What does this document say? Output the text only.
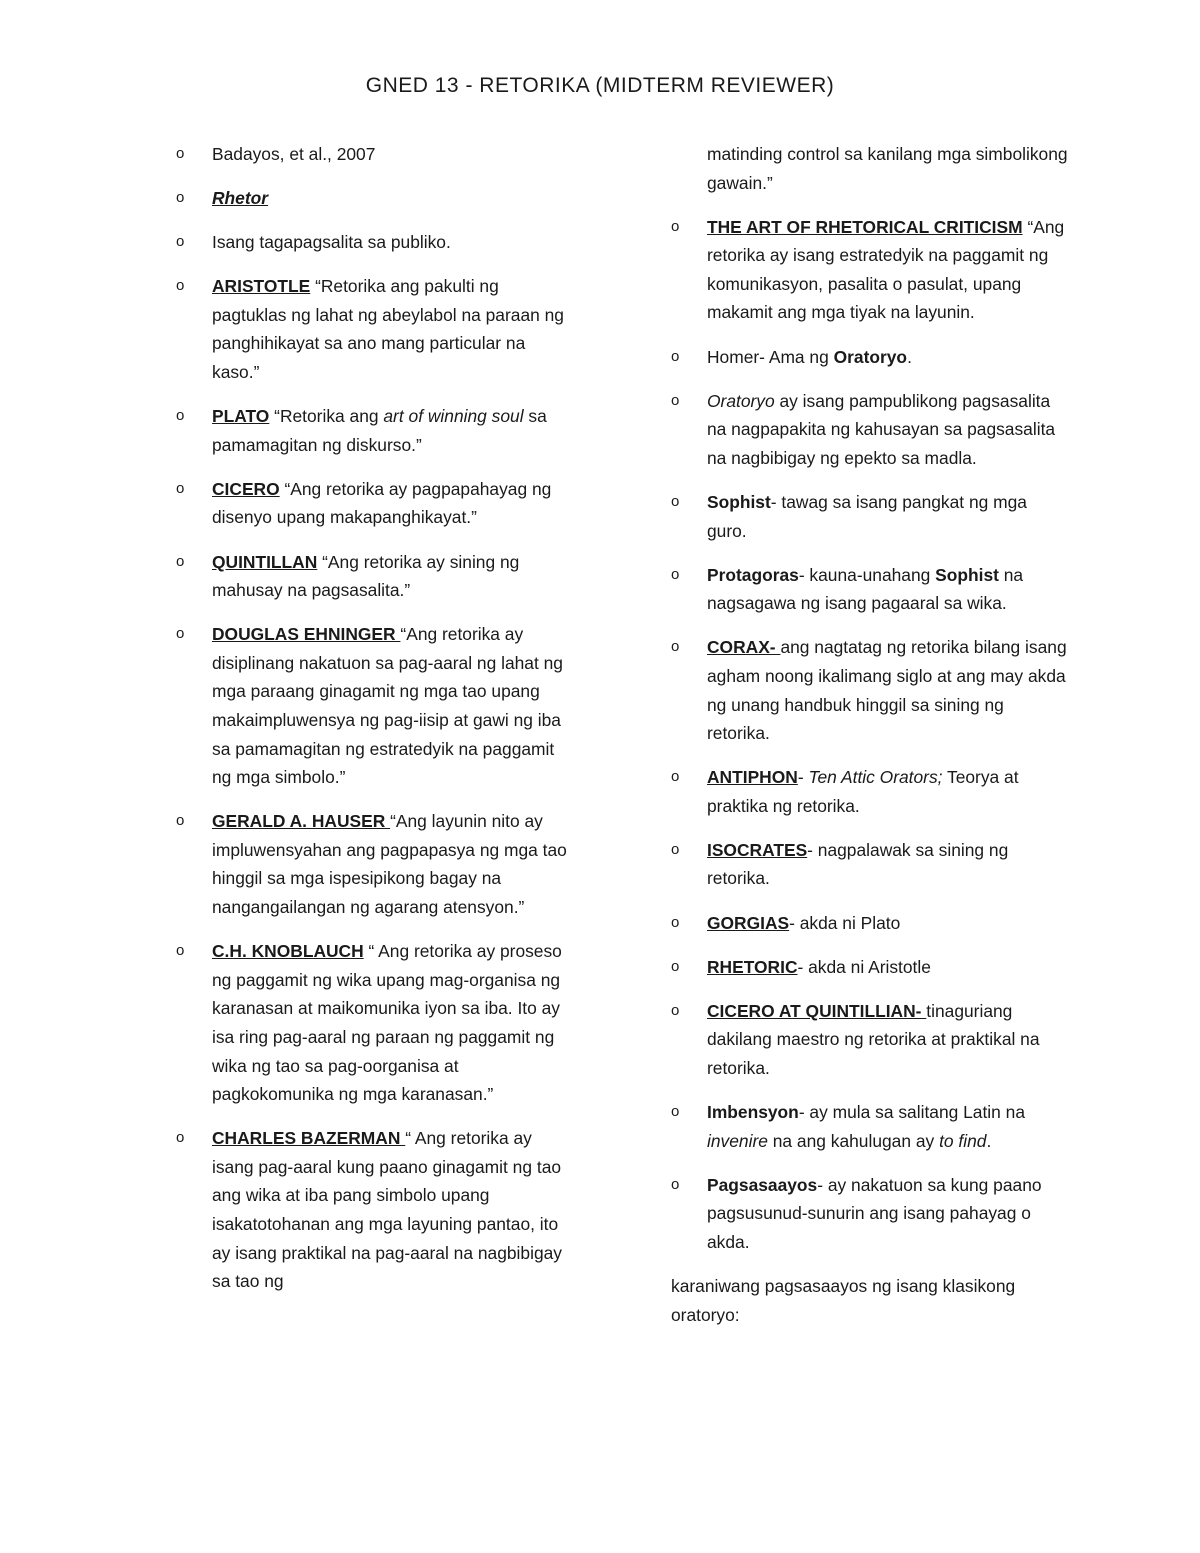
GNED 13 - RETORIKA (MIDTERM REVIEWER)
o Badayos, et al., 2007
o Rhetor
o Isang tagapagsalita sa publiko.
o ARISTOTLE “Retorika ang pakulti ng pagtuklas ng lahat ng abeylabol na paraan ng panghihikayat sa ano mang particular na kaso.”
o PLATO “Retorika ang art of winning soul sa pamamagitan ng diskurso.”
o CICERO “Ang retorika ay pagpapahayag ng disenyo upang makapanghikayat.”
o QUINTILLAN “Ang retorika ay sining ng mahusay na pagsasalita.”
o DOUGLAS EHNINGER “Ang retorika ay disiplinang nakatuon sa pag-aaral ng lahat ng mga paraang ginagamit ng mga tao upang makaimpluwensya ng pag-iisip at gawi ng iba sa pamamagitan ng estratedyik na paggamit ng mga simbolo.”
o GERALD A. HAUSER “Ang layunin nito ay impluwensyahan ang pagpapasya ng mga tao hinggil sa mga ispesipikong bagay na nangangailangan ng agarang atensyon.”
o C.H. KNOBLAUCH “ Ang retorika ay proseso ng paggamit ng wika upang mag-organisa ng karanasan at maikomunika iyon sa iba. Ito ay isa ring pag-aaral ng paraan ng paggamit ng wika ng tao sa pag-oorganisa at pagkokomunika ng mga karanasan.”
o CHARLES BAZERMAN “ Ang retorika ay isang pag-aaral kung paano ginagamit ng tao ang wika at iba pang simbolo upang isakatotohanan ang mga layuning pantao, ito ay isang praktikal na pag-aaral na nagbibigay sa tao ng
matinding control sa kanilang mga simbolikong gawain.”
o THE ART OF RHETORICAL CRITICISM “Ang retorika ay isang estratedyik na paggamit ng komunikasyon, pasalita o pasulat, upang makamit ang mga tiyak na layunin.
o Homer- Ama ng Oratoryo.
o Oratoryo ay isang pampublikong pagsasalita na nagpapakita ng kahusayan sa pagsasalita na nagbibigay ng epekto sa madla.
o Sophist- tawag sa isang pangkat ng mga guro.
o Protagoras- kauna-unahang Sophist na nagsagawa ng isang pagaaral sa wika.
o CORAX- ang nagtatag ng retorika bilang isang agham noong ikalimang siglo at ang may akda ng unang handbuk hinggil sa sining ng retorika.
o ANTIPHON- Ten Attic Orators; Teorya at praktika ng retorika.
o ISOCRATES- nagpalawak sa sining ng retorika.
o GORGIAS- akda ni Plato
o RHETORIC- akda ni Aristotle
o CICERO AT QUINTILLIAN- tinaguriang dakilang maestro ng retorika at praktikal na retorika.
o Imbensyon- ay mula sa salitang Latin na invenire na ang kahulugan ay to find.
o Pagsasaayos- ay nakatuon sa kung paano pagsusunud-sunurin ang isang pahayag o akda.
karaniwang pagsasaayos ng isang klasikong oratoryo:
